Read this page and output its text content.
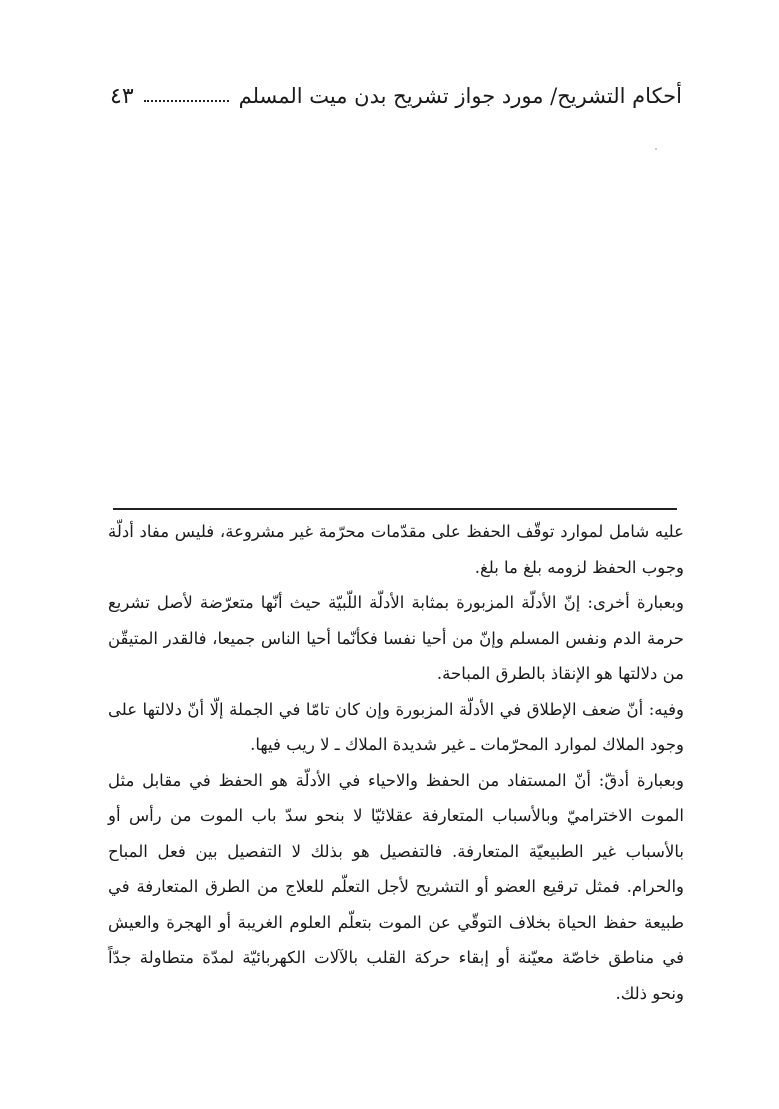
أحكام التشريح/ مورد جواز تشريح بدن ميت المسلم
٤٣

عليه شامل لموارد توقّف الحفظ على مقدّمات محرّمة غير مشروعة، فليس مفاد أدلّة وجوب الحفظ لزومه بلغ ما بلغ.

وبعبارة أخرى: إنّ الأدلّة المزبورة بمثابة الأدلّة اللّبيّة حيث أنّها متعرّضة لأصل تشريع حرمة الدم ونفس المسلم وإنّ من أحيا نفسا فكأنّما أحيا الناس جميعا، فالقدر المتيقّن من دلالتها هو الإنقاذ بالطرق المباحة.

وفيه: أنّ ضعف الإطلاق في الأدلّة المزبورة وإن كان تامّا في الجملة إلّا أنّ دلالتها على وجود الملاك لموارد المحرّمات ـ غير شديدة الملاك ـ لا ريب فيها.

وبعبارة أدقّ: أنّ المستفاد من الحفظ والاحياء في الأدلّة هو الحفظ في مقابل مثل الموت الاختراميّ وبالأسباب المتعارفة عقلائيّا لا بنحو سدّ باب الموت من رأس أو بالأسباب غير الطبيعيّة المتعارفة. فالتفصيل هو بذلك لا التفصيل بين فعل المباح والحرام. فمثل ترقيع العضو أو التشريح لأجل التعلّم للعلاج من الطرق المتعارفة في طبيعة حفظ الحياة بخلاف التوقّي عن الموت بتعلّم العلوم الغريبة أو الهجرة والعيش في مناطق خاصّة معيّنة أو إبقاء حركة القلب بالآلات الكهربائيّة لمدّة متطاولة جدّاً ونحو ذلك.
